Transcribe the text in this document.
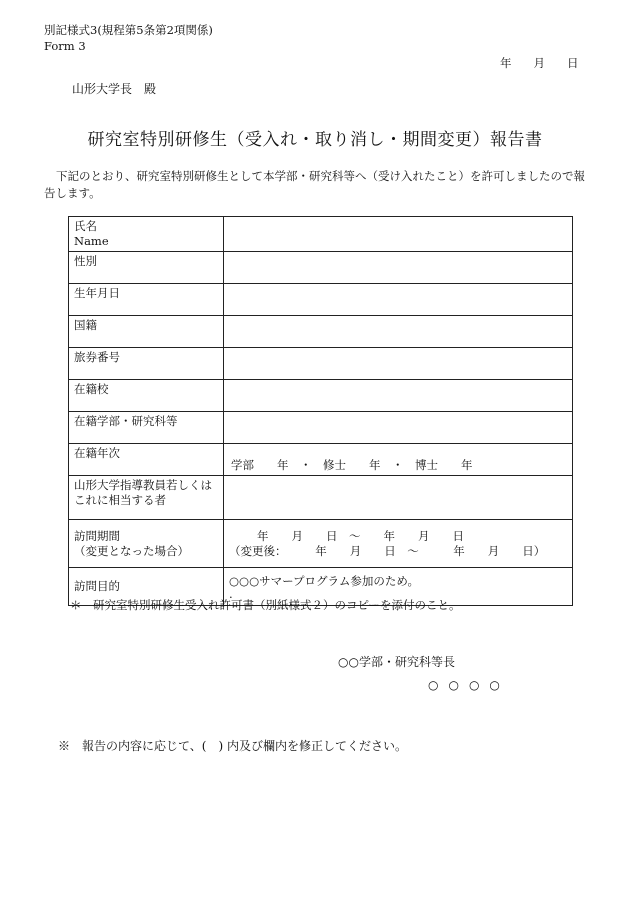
別記様式3(規程第5条第2項関係)
Form 3
年 月 日
山形大学長　殿
研究室特別研修生（受入れ・取り消し・期間変更）報告書
下記のとおり、研究室特別研修生として本学部・研究科等へ（受け入れたこと）を許可しましたので報告します。
氏名
Name	

性別	
生年月日	
国籍	
旅券番号	
在籍校	
在籍学部・研究科等	
在籍年次	学部　　年　・　修士　　年　・　博士　　年
山形大学指導教員若しくはこれに相当する者	

訪問期間
（変更となった場合）	年　　月　　日　～　　年　　月　　日
（変更後：　　　年　　月　　日　～　　　年　　月　　日）

訪問目的	○○○サマープログラム参加のため。
.
＊　研究室特別研修生受入れ許可書（別紙様式２）のコピーを添付のこと。
○○学部・研究科等長
○○○○
※　報告の内容に応じて、(　) 内及び欄内を修正してください。
